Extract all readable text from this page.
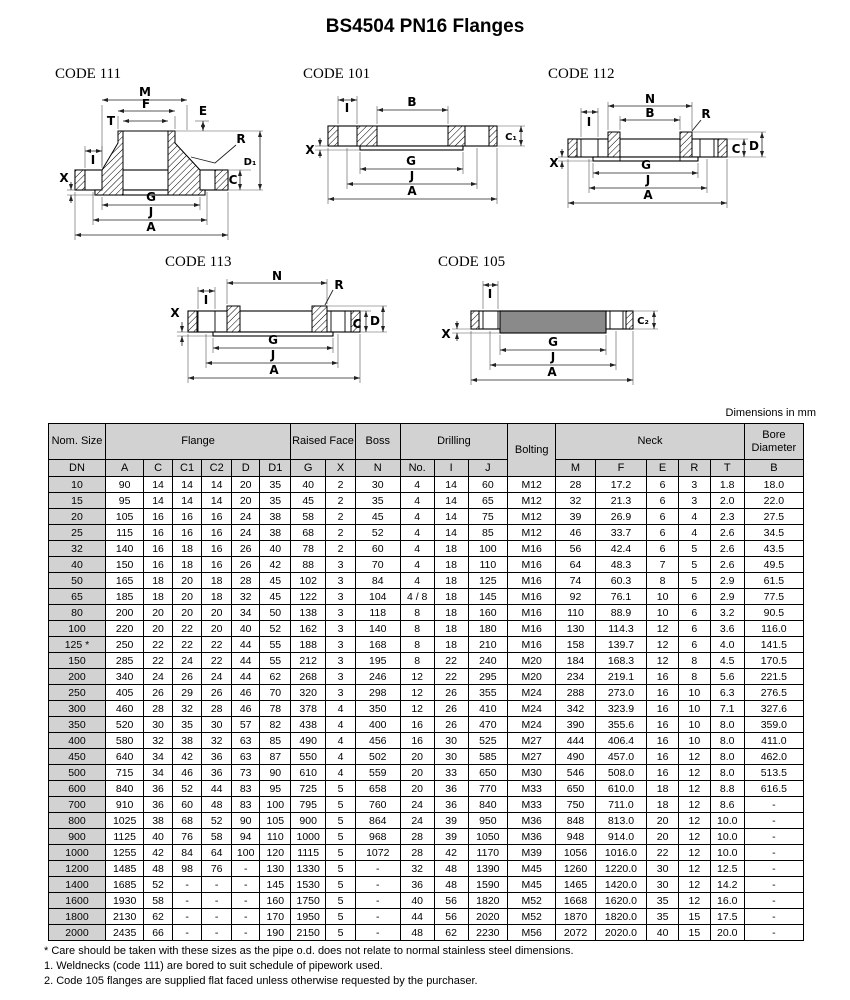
BS4504 PN16 Flanges
CODE 111
M
F
T
E
R
D₁
C
I
X
G
J
A
CODE 101
I	B
X
C₁
G
J
A
CODE 112
N
B
I
R
X
C D
G
J
A
CODE 113
N
I
R
X
C D
G
J
A
CODE 105
I
X
C₂
G
J
A
Dimensions in mm
Nom. Size	Flange						Raised Face		Boss	Drilling			Bolting	Neck					Bore Diameter
DN	A	C	C1	C2	D	D1	G	X	N	No.	I	J		M	F	E	R	T	B
10	90	14	14	14	20	35	40	2	30	4	14	60	M12	28	17.2	6	3	1.8	18.0
15	95	14	14	14	20	35	45	2	35	4	14	65	M12	32	21.3	6	3	2.0	22.0
20	105	16	16	16	24	38	58	2	45	4	14	75	M12	39	26.9	6	4	2.3	27.5
25	115	16	16	16	24	38	68	2	52	4	14	85	M12	46	33.7	6	4	2.6	34.5
32	140	16	18	16	26	40	78	2	60	4	18	100	M16	56	42.4	6	5	2.6	43.5
40	150	16	18	16	26	42	88	3	70	4	18	110	M16	64	48.3	7	5	2.6	49.5
50	165	18	20	18	28	45	102	3	84	4	18	125	M16	74	60.3	8	5	2.9	61.5
65	185	18	20	18	32	45	122	3	104	4 / 8	18	145	M16	92	76.1	10	6	2.9	77.5
80	200	20	20	20	34	50	138	3	118	8	18	160	M16	110	88.9	10	6	3.2	90.5
100	220	20	22	20	40	52	162	3	140	8	18	180	M16	130	114.3	12	6	3.6	116.0
125 *	250	22	22	22	44	55	188	3	168	8	18	210	M16	158	139.7	12	6	4.0	141.5
150	285	22	24	22	44	55	212	3	195	8	22	240	M20	184	168.3	12	8	4.5	170.5
200	340	24	26	24	44	62	268	3	246	12	22	295	M20	234	219.1	16	8	5.6	221.5
250	405	26	29	26	46	70	320	3	298	12	26	355	M24	288	273.0	16	10	6.3	276.5
300	460	28	32	28	46	78	378	4	350	12	26	410	M24	342	323.9	16	10	7.1	327.6
350	520	30	35	30	57	82	438	4	400	16	26	470	M24	390	355.6	16	10	8.0	359.0
400	580	32	38	32	63	85	490	4	456	16	30	525	M27	444	406.4	16	10	8.0	411.0
450	640	34	42	36	63	87	550	4	502	20	30	585	M27	490	457.0	16	12	8.0	462.0
500	715	34	46	36	73	90	610	4	559	20	33	650	M30	546	508.0	16	12	8.0	513.5
600	840	36	52	44	83	95	725	5	658	20	36	770	M33	650	610.0	18	12	8.8	616.5
700	910	36	60	48	83	100	795	5	760	24	36	840	M33	750	711.0	18	12	8.6	-
800	1025	38	68	52	90	105	900	5	864	24	39	950	M36	848	813.0	20	12	10.0	-
900	1125	40	76	58	94	110	1000	5	968	28	39	1050	M36	948	914.0	20	12	10.0	-
1000	1255	42	84	64	100	120	1115	5	1072	28	42	1170	M39	1056	1016.0	22	12	10.0	-
1200	1485	48	98	76	-	130	1330	5	-	32	48	1390	M45	1260	1220.0	30	12	12.5	-
1400	1685	52	-	-	-	145	1530	5	-	36	48	1590	M45	1465	1420.0	30	12	14.2	-
1600	1930	58	-	-	-	160	1750	5	-	40	56	1820	M52	1668	1620.0	35	12	16.0	-
1800	2130	62	-	-	-	170	1950	5	-	44	56	2020	M52	1870	1820.0	35	15	17.5	-
2000	2435	66	-	-	-	190	2150	5	-	48	62	2230	M56	2072	2020.0	40	15	20.0	-
* Care should be taken with these sizes as the pipe o.d. does not relate to normal stainless steel dimensions.
1. Weldnecks (code 111) are bored to suit schedule of pipework used.
2. Code 105 flanges are supplied flat faced unless otherwise requested by the purchaser.
